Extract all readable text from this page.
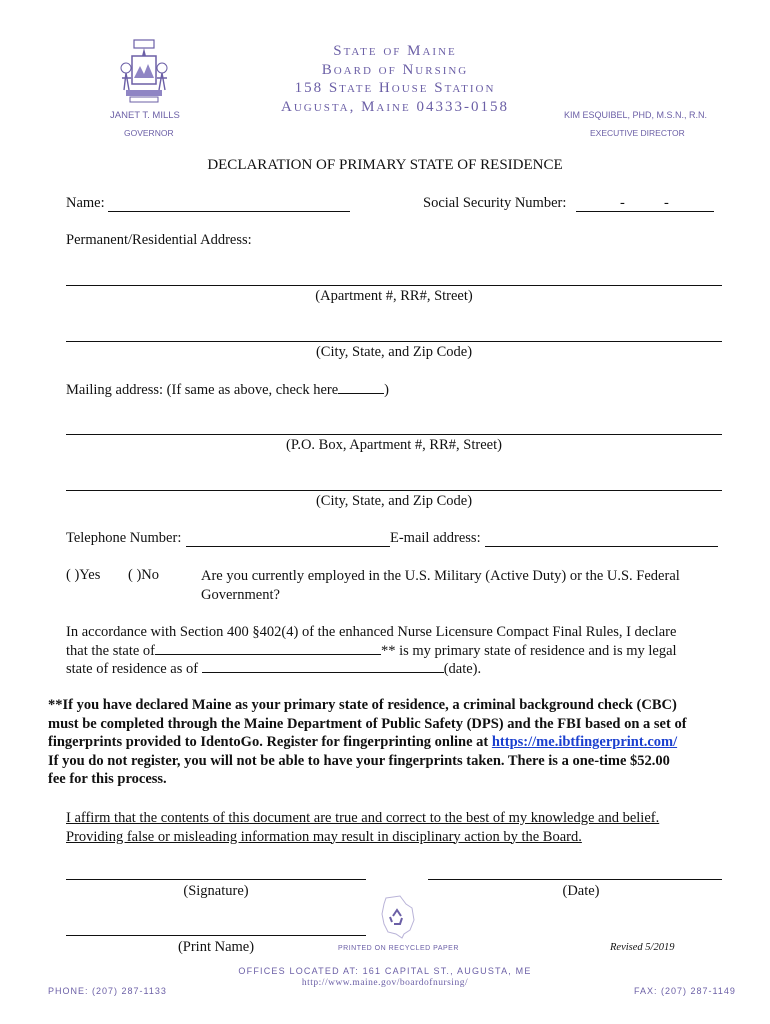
State of Maine
Board of Nursing
158 State House Station
Augusta, Maine 04333-0158
JANET T. MILLS
GOVERNOR
KIM ESQUIBEL, PHD, M.S.N., R.N.
EXECUTIVE DIRECTOR
DECLARATION OF PRIMARY STATE OF RESIDENCE
Name:	Social Security Number:	-	-
Permanent/Residential Address:
(Apartment #, RR#, Street)
(City, State, and Zip Code)
Mailing address: (If same as above, check here	)
(P.O. Box, Apartment #, RR#, Street)
(City, State, and Zip Code)
Telephone Number:	E-mail address:
( )Yes ( )No	Are you currently employed in the U.S. Military (Active Duty) or the U.S. Federal
Government?
In accordance with Section 400 §402(4) of the enhanced Nurse Licensure Compact Final Rules, I declare
that the state of	** is my primary state of residence and is my legal
state of residence as of	(date).
**If you have declared Maine as your primary state of residence, a criminal background check (CBC)
must be completed through the Maine Department of Public Safety (DPS) and the FBI based on a set of
fingerprints provided to IdentoGo. Register for fingerprinting online at https://me.ibtfingerprint.com/
If you do not register, you will not be able to have your fingerprints taken. There is a one-time $52.00
fee for this process.
I affirm that the contents of this document are true and correct to the best of my knowledge and belief.
Providing false or misleading information may result in disciplinary action by the Board.
(Signature)	(Date)
(Print Name)	PRINTED ON RECYCLED PAPER	Revised 5/2019
OFFICES LOCATED AT: 161 CAPITAL ST., AUGUSTA, ME
http://www.maine.gov/boardofnursing/
PHONE: (207) 287-1133	FAX: (207) 287-1149
